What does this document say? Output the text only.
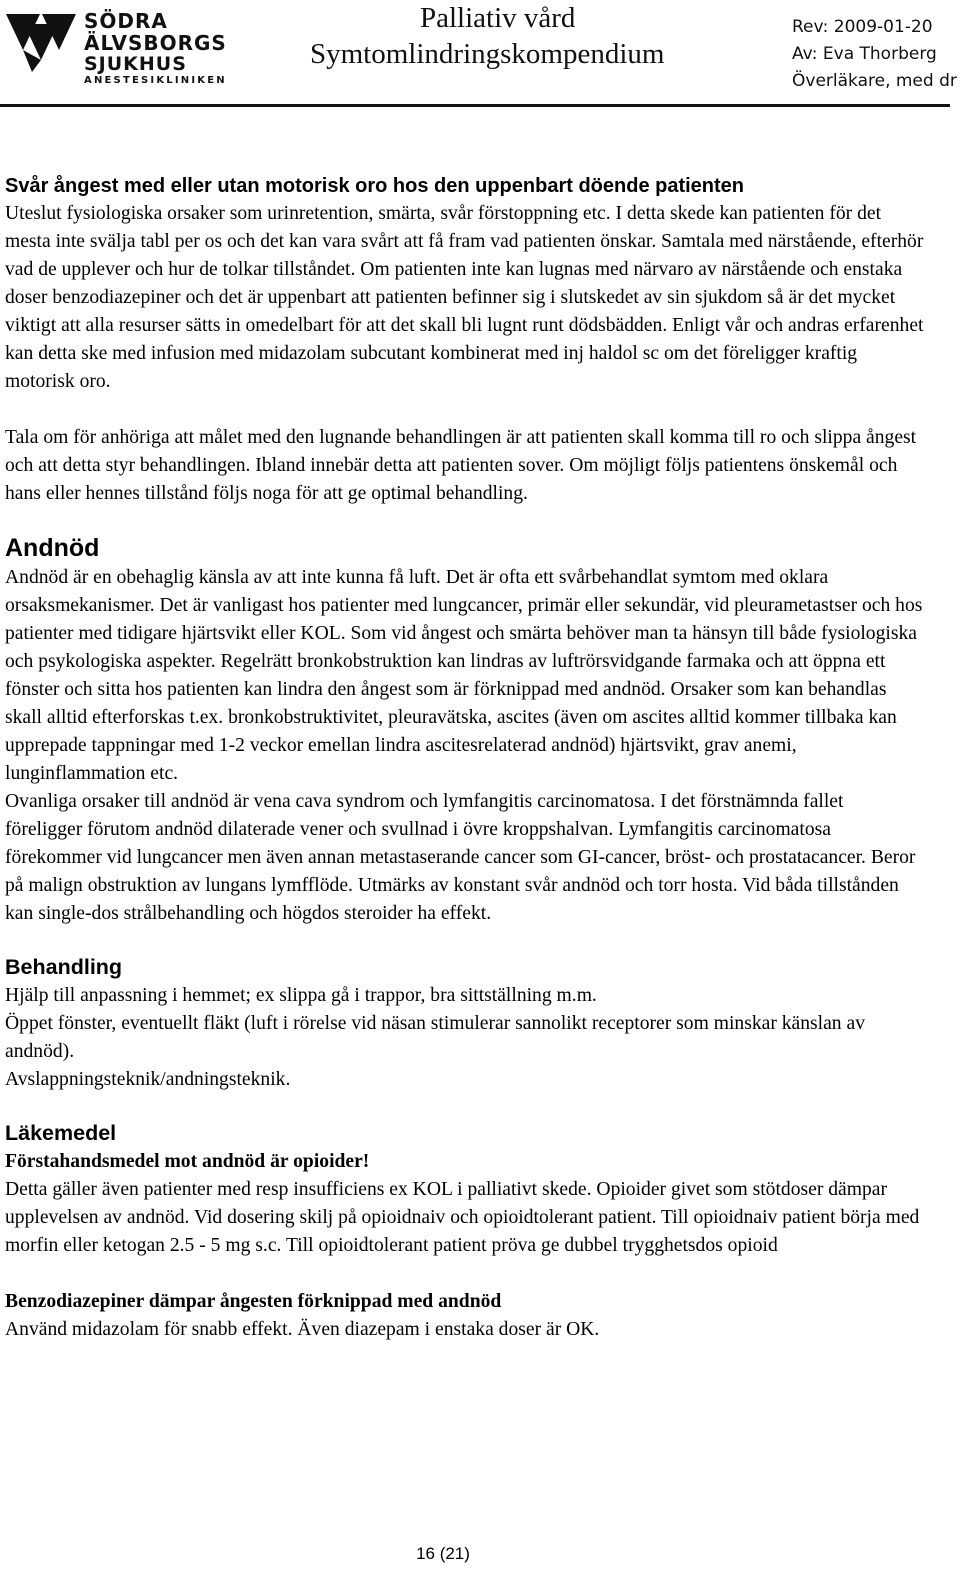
SÖDRA ÄLVSBORGS
SJUKHUS
ANESTESIKLINIKEN
Palliativ vård
Symtomlindringskompendium
Rev: 2009-01-20
Av: Eva Thorberg
Överläkare, med dr
Svår ångest med eller utan motorisk oro hos den uppenbart döende patienten

Uteslut fysiologiska orsaker som urinretention, smärta, svår förstoppning etc. I detta skede kan patienten för det mesta inte svälja tabl per os och det kan vara svårt att få fram vad patienten önskar. Samtala med närstående, efterhör vad de upplever och hur de tolkar tillståndet. Om patienten inte kan lugnas med närvaro av närstående och enstaka doser benzodiazepiner och det är uppenbart att patienten befinner sig i slutskedet av sin sjukdom så är det mycket viktigt att alla resurser sätts in omedelbart för att det skall bli lugnt runt dödsbädden. Enligt vår och andras erfarenhet kan detta ske med infusion med midazolam subcutant kombinerat med inj haldol sc om det föreligger kraftig motorisk oro.

Tala om för anhöriga att målet med den lugnande behandlingen är att patienten skall komma till ro och slippa ångest och att detta styr behandlingen. Ibland innebär detta att patienten sover. Om möjligt följs patientens önskemål och hans eller hennes tillstånd följs noga för att ge optimal behandling.

Andnöd

Andnöd är en obehaglig känsla av att inte kunna få luft. Det är ofta ett svårbehandlat symtom med oklara orsaksmekanismer. Det är vanligast hos patienter med lungcancer, primär eller sekundär, vid pleurametastser och hos patienter med tidigare hjärtsvikt eller KOL. Som vid ångest och smärta behöver man ta hänsyn till både fysiologiska och psykologiska aspekter. Regelrätt bronkobstruktion kan lindras av luftrörsvidgande farmaka och att öppna ett fönster och sitta hos patienten kan lindra den ångest som är förknippad med andnöd. Orsaker som kan behandlas skall alltid efterforskas t.ex. bronkobstruktivitet, pleuravätska, ascites (även om ascites alltid kommer tillbaka kan upprepade tappningar med 1-2 veckor emellan lindra ascitesrelaterad andnöd) hjärtsvikt, grav anemi, lunginflammation etc.

Ovanliga orsaker till andnöd är vena cava syndrom och lymfangitis carcinomatosa. I det förstnämnda fallet föreligger förutom andnöd dilaterade vener och svullnad i övre kroppshalvan. Lymfangitis carcinomatosa förekommer vid lungcancer men även annan metastaserande cancer som GI-cancer, bröst- och prostatacancer. Beror på malign obstruktion av lungans lymfflöde. Utmärks av konstant svår andnöd och torr hosta. Vid båda tillstånden kan single-dos strålbehandling och högdos steroider ha effekt.

Behandling

Hjälp till anpassning i hemmet; ex slippa gå i trappor, bra sittställning m.m.

Öppet fönster, eventuellt fläkt (luft i rörelse vid näsan stimulerar sannolikt receptorer som minskar känslan av andnöd).

Avslappningsteknik/andningsteknik.

Läkemedel

Förstahandsmedel mot andnöd är opioider!

Detta gäller även patienter med resp insufficiens ex KOL i palliativt skede. Opioider givet som stötdoser dämpar upplevelsen av andnöd. Vid dosering skilj på opioidnaiv och opioidtolerant patient. Till opioidnaiv patient börja med morfin eller ketogan 2.5 - 5 mg s.c. Till opioidtolerant patient pröva ge dubbel trygghetsdos opioid

Benzodiazepiner dämpar ångesten förknippad med andnöd

Använd midazolam för snabb effekt. Även diazepam i enstaka doser är OK.

16 (21)
